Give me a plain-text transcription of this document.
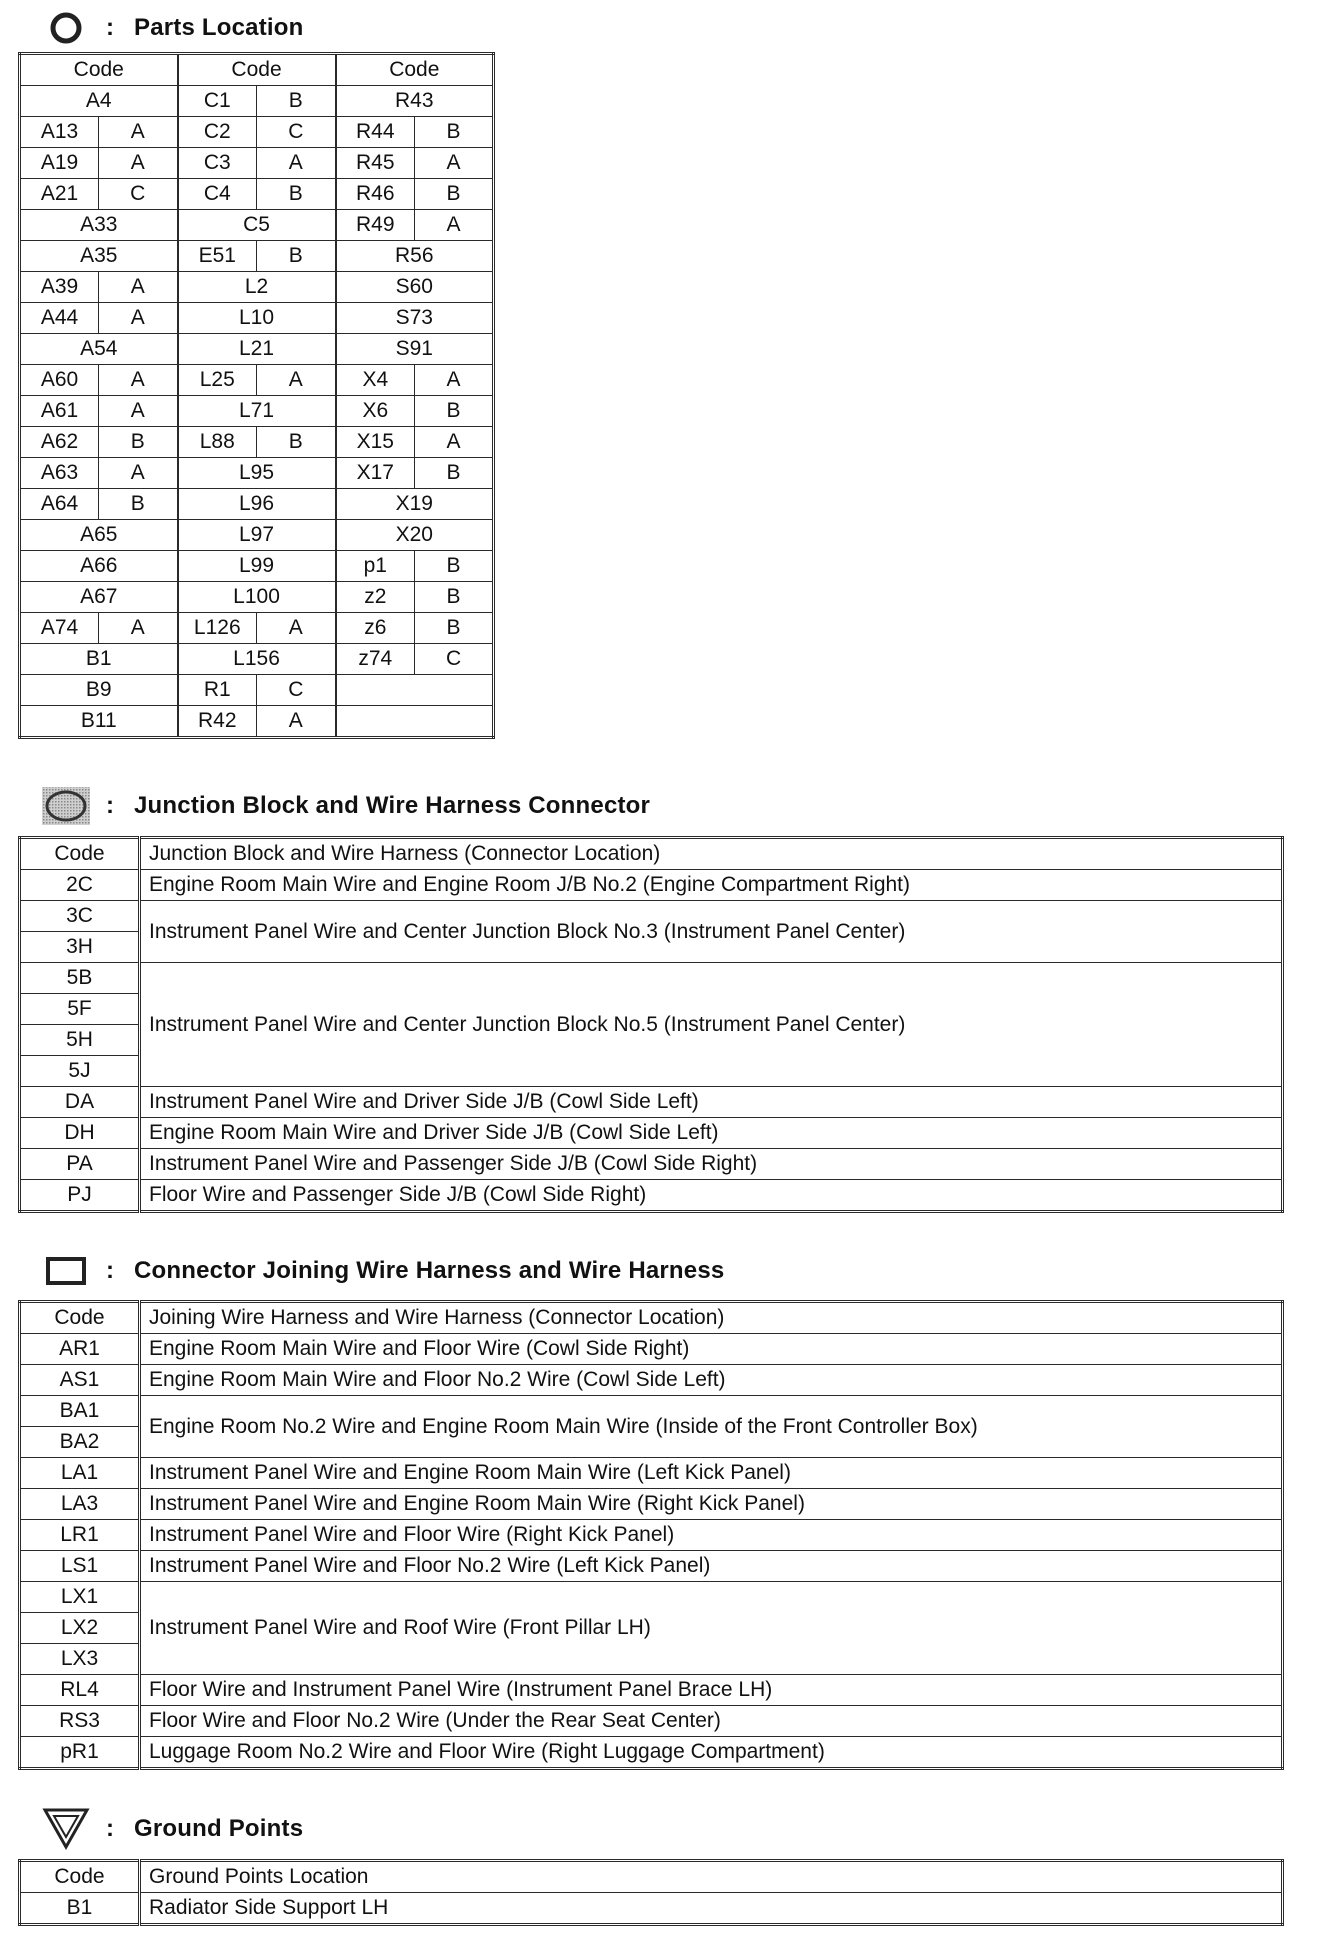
: Parts Location
Code		Code		Code	
A4		C1	B	R43	
A13	A	C2	C	R44	B
A19	A	C3	A	R45	A
A21	C	C4	B	R46	B
A33		C5		R49	A
A35		E51	B	R56	
A39	A	L2		S60	
A44	A	L10		S73	
A54		L21		S91	
A60	A	L25	A	X4	A
A61	A	L71		X6	B
A62	B	L88	B	X15	A
A63	A	L95		X17	B
A64	B	L96		X19	
A65		L97		X20	
A66		L99		p1	B
A67		L100		z2	B
A74	A	L126	A	z6	B
B1		L156		z74	C
B9		R1	C		
B11		R42	A		
: Junction Block and Wire Harness Connector
Code	Junction Block and Wire Harness (Connector Location)
2C	Engine Room Main Wire and Engine Room J/B No.2 (Engine Compartment Right)
3C	Instrument Panel Wire and Center Junction Block No.3 (Instrument Panel Center)
3H	
5B	Instrument Panel Wire and Center Junction Block No.5 (Instrument Panel Center)
5F	
5H	
5J	
DA	Instrument Panel Wire and Driver Side J/B (Cowl Side Left)
DH	Engine Room Main Wire and Driver Side J/B (Cowl Side Left)
PA	Instrument Panel Wire and Passenger Side J/B (Cowl Side Right)
PJ	Floor Wire and Passenger Side J/B (Cowl Side Right)
: Connector Joining Wire Harness and Wire Harness
Code	Joining Wire Harness and Wire Harness (Connector Location)
AR1	Engine Room Main Wire and Floor Wire (Cowl Side Right)
AS1	Engine Room Main Wire and Floor No.2 Wire (Cowl Side Left)
BA1	Engine Room No.2 Wire and Engine Room Main Wire (Inside of the Front Controller Box)
BA2	
LA1	Instrument Panel Wire and Engine Room Main Wire (Left Kick Panel)
LA3	Instrument Panel Wire and Engine Room Main Wire (Right Kick Panel)
LR1	Instrument Panel Wire and Floor Wire (Right Kick Panel)
LS1	Instrument Panel Wire and Floor No.2 Wire (Left Kick Panel)
LX1	Instrument Panel Wire and Roof Wire (Front Pillar LH)
LX2	
LX3	
RL4	Floor Wire and Instrument Panel Wire (Instrument Panel Brace LH)
RS3	Floor Wire and Floor No.2 Wire (Under the Rear Seat Center)
pR1	Luggage Room No.2 Wire and Floor Wire (Right Luggage Compartment)
: Ground Points
Code	Ground Points Location
B1	Radiator Side Support LH
